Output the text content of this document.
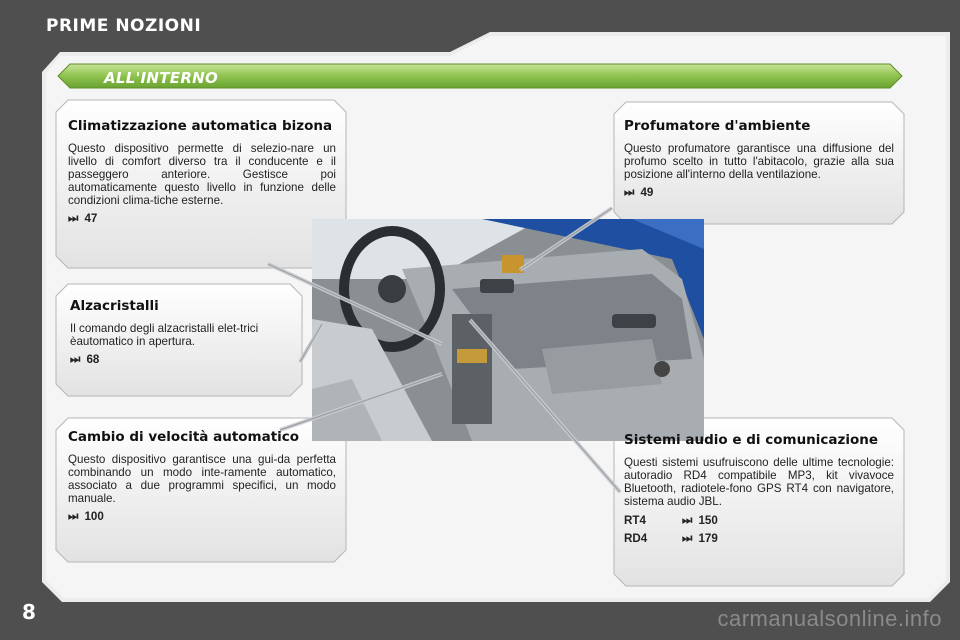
PRIME NOZIONI
ALL'INTERNO
Climatizzazione automatica bizona

Questo dispositivo permette di selezio-nare un livello di comfort diverso tra il conducente e il passeggero anteriore. Gestisce poi automaticamente questo livello in funzione delle condizioni clima-tiche esterne.

⏭ 47
Alzacristalli

Il comando degli alzacristalli elet-trici èautomatico in apertura.

⏭ 68
Cambio di velocità automatico

Questo dispositivo garantisce una gui-da perfetta combinando un modo inte-ramente automatico, associato a due programmi specifici, un modo manuale.

⏭ 100
Profumatore d'ambiente

Questo profumatore garantisce una diffusione del profumo scelto in tutto l'abitacolo, grazie alla sua posizione all'interno della ventilazione.

⏭ 49
Sistemi audio e di comunicazione

Questi sistemi usufruiscono delle ultime tecnologie: autoradio RD4 compatibile MP3, kit vivavoce Bluetooth, radiotele-fono GPS RT4 con navigatore, sistema audio JBL.

RT4	⏭ 150
RD4	⏭ 179
8	carmanualsonline.info
